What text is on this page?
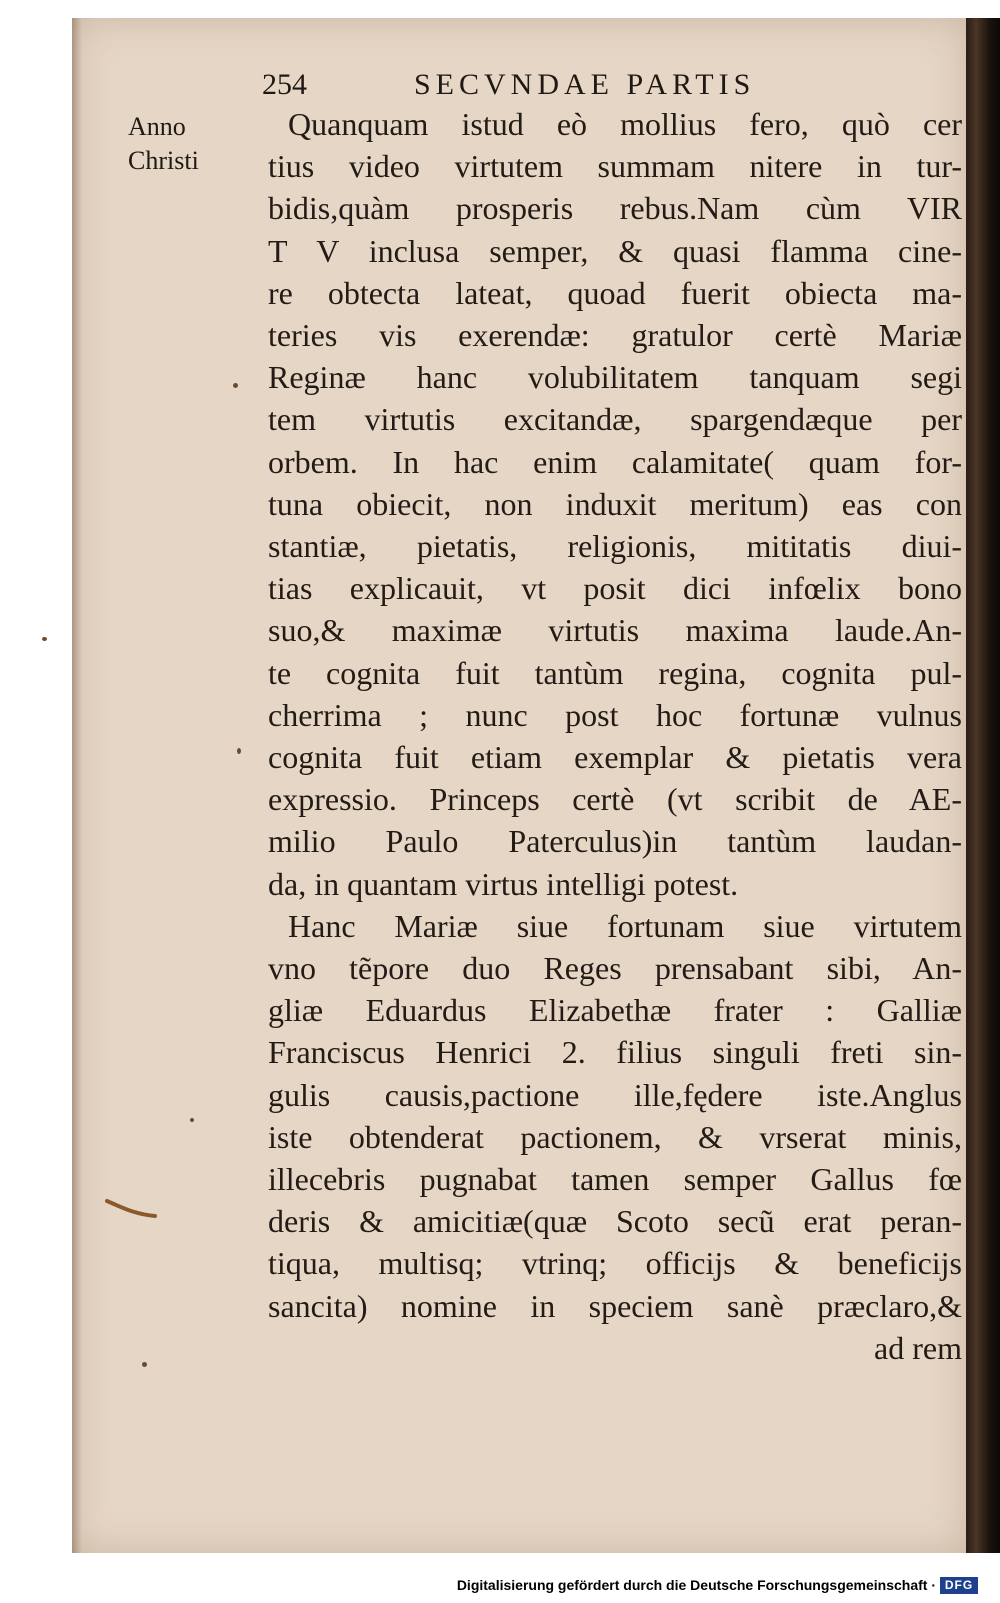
254	SECVNDAE PARTIS
Anno
Christi
Quanquam istud eò mollius fero, quò cer
tius video virtutem summam nitere in tur-
bidis,quàm prosperis rebus.Nam cùm VIR
T V inclusa semper, & quasi flamma cine-
re obtecta lateat, quoad fuerit obiecta ma-
teries vis exerendæ: gratulor certè Mariæ
Reginæ hanc volubilitatem tanquam segi
tem virtutis excitandæ, spargendæque per
orbem. In hac enim calamitate( quam for-
tuna obiecit, non induxit meritum) eas con
stantiæ, pietatis, religionis, mititatis diui-
tias explicauit, vt posit dici infœlix bono
suo,& maximæ virtutis maxima laude.An-
te cognita fuit tantùm regina, cognita pul-
cherrima ; nunc post hoc fortunæ vulnus
cognita fuit etiam exemplar & pietatis vera
expressio. Princeps certè (vt scribit de AE-
milio Paulo Paterculus)in tantùm laudan-
da, in quantam virtus intelligi potest.
Hanc Mariæ siue fortunam siue virtutem
vno tẽpore duo Reges prensabant sibi, An-
gliæ Eduardus Elizabethæ frater : Galliæ
Franciscus Henrici 2. filius singuli freti sin-
gulis causis,pactione ille,fędere iste.Anglus
iste obtenderat pactionem, & vrserat minis,
illecebris pugnabat tamen semper Gallus fœ
deris & amicitiæ(quæ Scoto secũ erat peran-
tiqua, multisq; vtrinq; officijs & beneficijs
sancita) nomine in speciem sanè præclaro,&
ad rem
Digitalisierung gefördert durch die Deutsche Forschungsgemeinschaft · DFG
